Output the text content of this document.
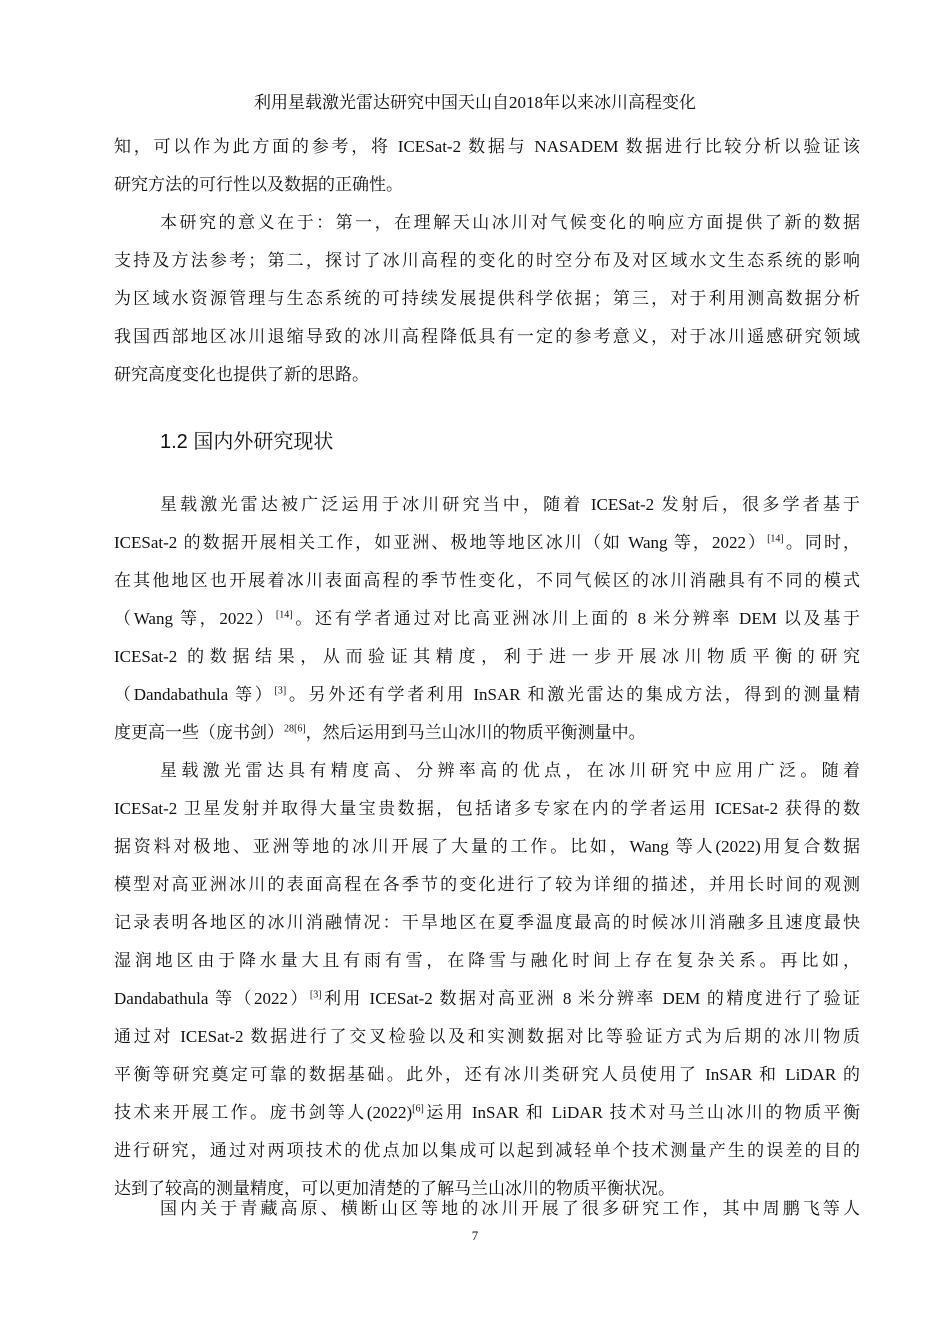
利用星载激光雷达研究中国天山自2018年以来冰川高程变化
知，可以作为此方面的参考，将 ICESat-2 数据与 NASADEM 数据进行比较分析以验证该
研究方法的可行性以及数据的正确性。
本研究的意义在于：第一，在理解天山冰川对气候变化的响应方面提供了新的数据
支持及方法参考；第二，探讨了冰川高程的变化的时空分布及对区域水文生态系统的影响
为区域水资源管理与生态系统的可持续发展提供科学依据；第三，对于利用测高数据分析
我国西部地区冰川退缩导致的冰川高程降低具有一定的参考意义，对于冰川遥感研究领域
研究高度变化也提供了新的思路。
1.2 国内外研究现状
星载激光雷达被广泛运用于冰川研究当中，随着 ICESat-2 发射后，很多学者基于
ICESat-2 的数据开展相关工作，如亚洲、极地等地区冰川（如 Wang 等，2022）[14]。同时，
在其他地区也开展着冰川表面高程的季节性变化，不同气候区的冰川消融具有不同的模式
（Wang 等，2022）[14]。还有学者通过对比高亚洲冰川上面的 8 米分辨率 DEM 以及基于
ICESat-2 的数据结果，从而验证其精度，利于进一步开展冰川物质平衡的研究
（Dandabathula 等）[3]。另外还有学者利用 InSAR 和激光雷达的集成方法，得到的测量精
度更高一些（庞书剑）$^{28[6]}$，然后运用到马兰山冰川的物质平衡测量中。
星载激光雷达具有精度高、分辨率高的优点，在冰川研究中应用广泛。随着
ICESat-2 卫星发射并取得大量宝贵数据，包括诸多专家在内的学者运用 ICESat-2 获得的数
据资料对极地、亚洲等地的冰川开展了大量的工作。比如，Wang 等人(2022)用复合数据
模型对高亚洲冰川的表面高程在各季节的变化进行了较为详细的描述，并用长时间的观测
记录表明各地区的冰川消融情况：干旱地区在夏季温度最高的时候冰川消融多且速度最快
湿润地区由于降水量大且有雨有雪，在降雪与融化时间上存在复杂关系。再比如，
Dandabathula 等（2022）[3]利用 ICESat-2 数据对高亚洲 8 米分辨率 DEM 的精度进行了验证
通过对 ICESat-2 数据进行了交叉检验以及和实测数据对比等验证方式为后期的冰川物质
平衡等研究奠定可靠的数据基础。此外，还有冰川类研究人员使用了 InSAR 和 LiDAR 的
技术来开展工作。庞书剑等人(2022)[6]运用 InSAR 和 LiDAR 技术对马兰山冰川的物质平衡
进行研究，通过对两项技术的优点加以集成可以起到减轻单个技术测量产生的误差的目的
达到了较高的测量精度，可以更加清楚的了解马兰山冰川的物质平衡状况。
国内关于青藏高原、横断山区等地的冰川开展了很多研究工作，其中周鹏飞等人
7
